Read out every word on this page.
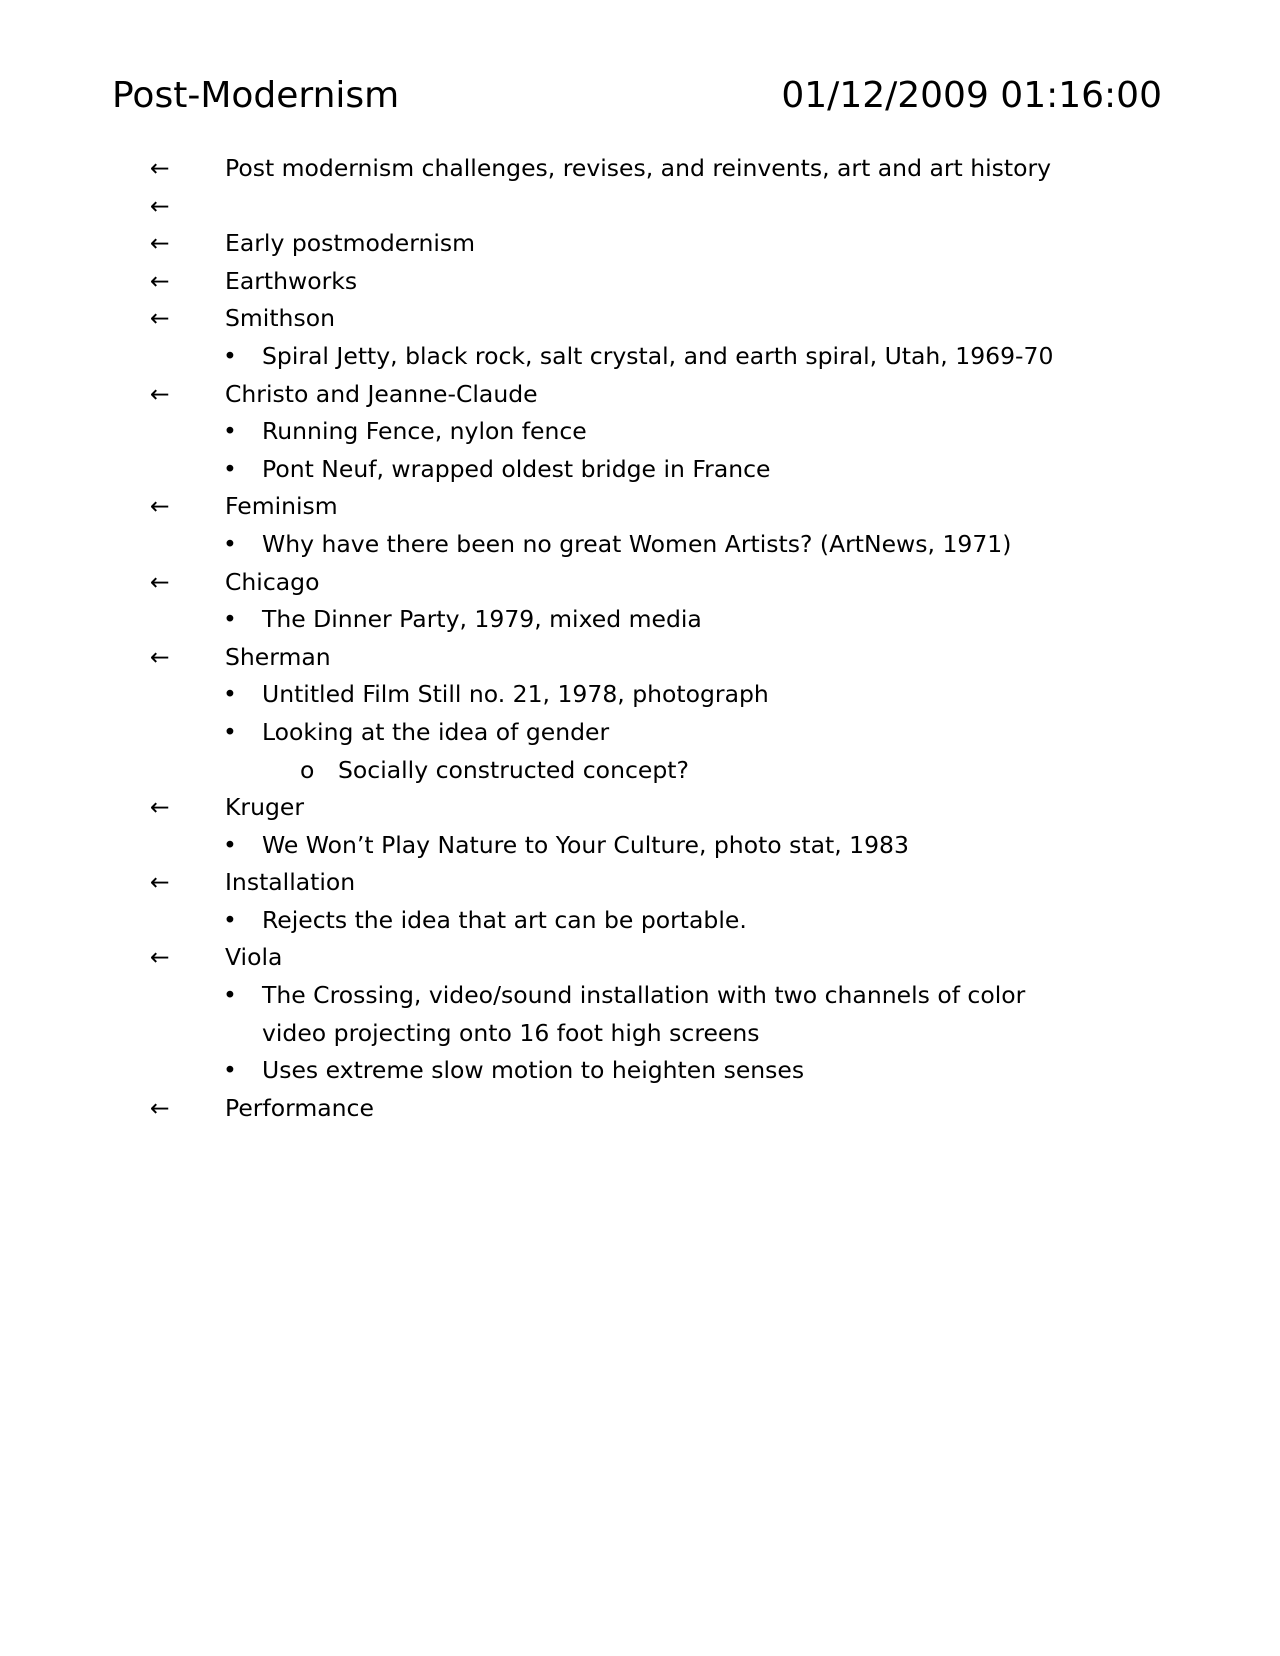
Post-Modernism	01/12/2009 01:16:00
← Post modernism challenges, revises, and reinvents, art and art history
←
← Early postmodernism
← Earthworks
← Smithson
• Spiral Jetty, black rock, salt crystal, and earth spiral, Utah, 1969-70
← Christo and Jeanne-Claude
• Running Fence, nylon fence
• Pont Neuf, wrapped oldest bridge in France
← Feminism
• Why have there been no great Women Artists? (ArtNews, 1971)
← Chicago
• The Dinner Party, 1979, mixed media
← Sherman
• Untitled Film Still no. 21, 1978, photograph
• Looking at the idea of gender
o Socially constructed concept?
← Kruger
• We Won’t Play Nature to Your Culture, photo stat, 1983
← Installation
• Rejects the idea that art can be portable.
← Viola
• The Crossing, video/sound installation with two channels of color video projecting onto 16 foot high screens
• Uses extreme slow motion to heighten senses
← Performance
